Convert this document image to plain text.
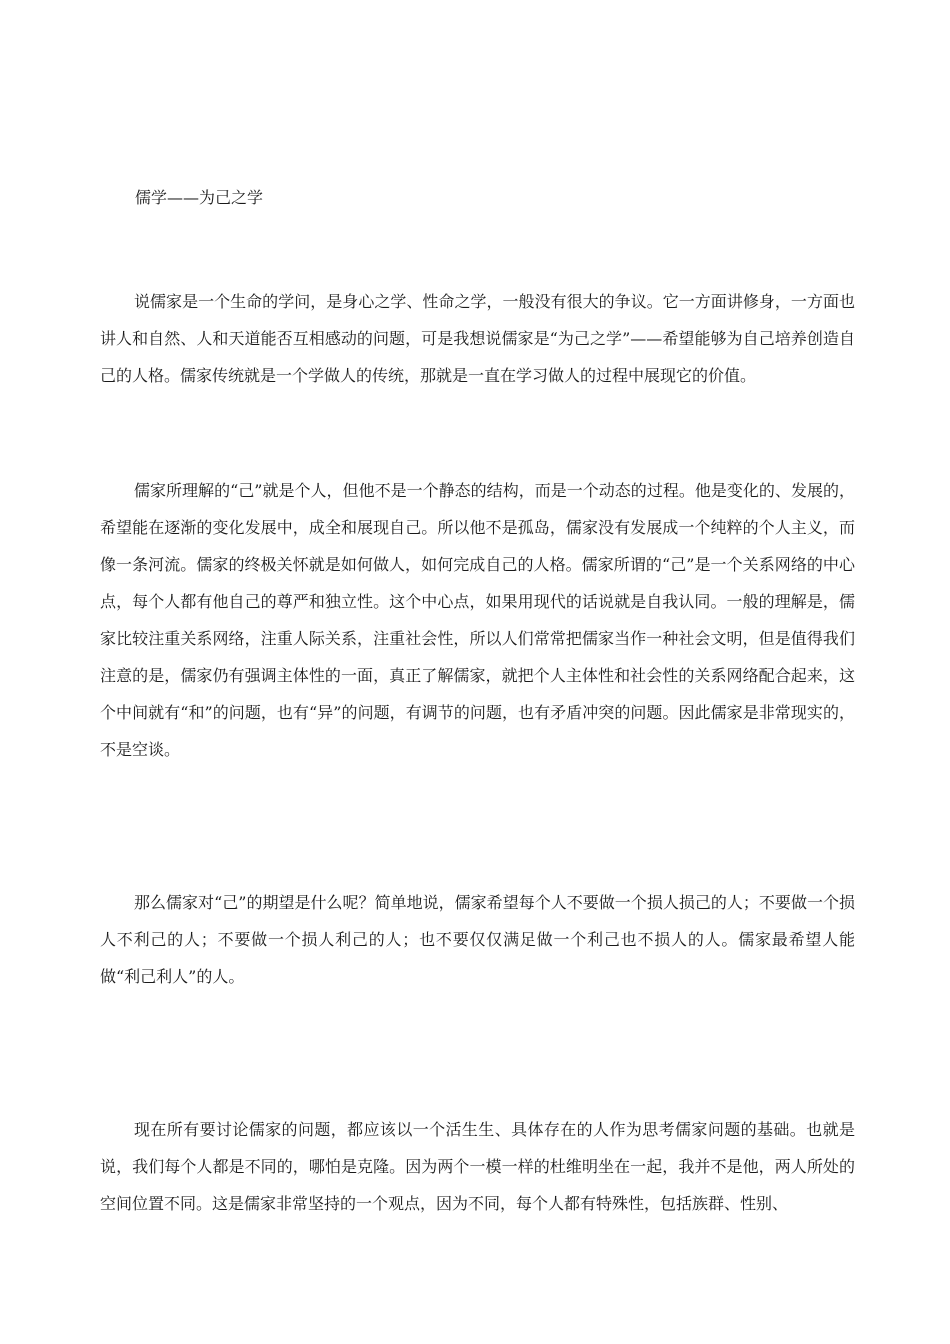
儒学——为己之学

说儒家是一个生命的学问，是身心之学、性命之学，一般没有很大的争议。它一方面讲修身，一方面也讲人和自然、人和天道能否互相感动的问题，可是我想说儒家是“为己之学”——希望能够为自己培养创造自己的人格。儒家传统就是一个学做人的传统，那就是一直在学习做人的过程中展现它的价值。

儒家所理解的“己”就是个人，但他不是一个静态的结构，而是一个动态的过程。他是变化的、发展的，希望能在逐渐的变化发展中，成全和展现自己。所以他不是孤岛，儒家没有发展成一个纯粹的个人主义，而像一条河流。儒家的终极关怀就是如何做人，如何完成自己的人格。儒家所谓的“己”是一个关系网络的中心点，每个人都有他自己的尊严和独立性。这个中心点，如果用现代的话说就是自我认同。一般的理解是，儒家比较注重关系网络，注重人际关系，注重社会性，所以人们常常把儒家当作一种社会文明，但是值得我们注意的是，儒家仍有强调主体性的一面，真正了解儒家，就把个人主体性和社会性的关系网络配合起来，这个中间就有“和”的问题，也有“异”的问题，有调节的问题，也有矛盾冲突的问题。因此儒家是非常现实的，不是空谈。

那么儒家对“己”的期望是什么呢？简单地说，儒家希望每个人不要做一个损人损己的人；不要做一个损人不利己的人；不要做一个损人利己的人；也不要仅仅满足做一个利己也不损人的人。儒家最希望人能做“利己利人”的人。

现在所有要讨论儒家的问题，都应该以一个活生生、具体存在的人作为思考儒家问题的基础。也就是说，我们每个人都是不同的，哪怕是克隆。因为两个一模一样的杜维明坐在一起，我并不是他，两人所处的空间位置不同。这是儒家非常坚持的一个观点，因为不同，每个人都有特殊性，包括族群、性别、
